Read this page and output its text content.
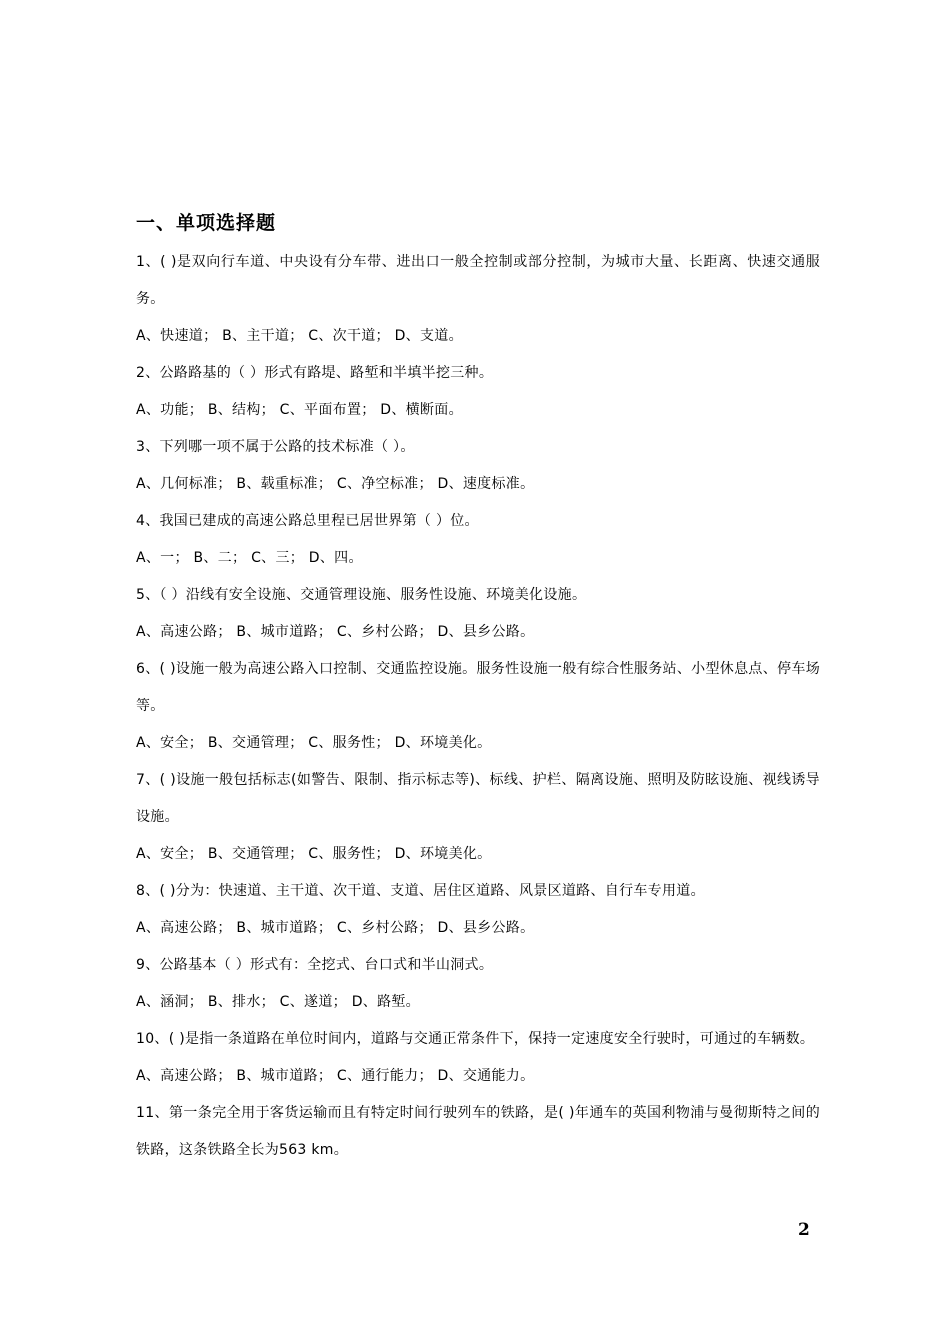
一、单项选择题
1、( )是双向行车道、中央设有分车带、进出口一般全控制或部分控制，为城市大量、长距离、快速交通服务。
A、快速道； B、主干道； C、次干道； D、支道。
2、公路路基的（ ）形式有路堤、路堑和半填半挖三种。
A、功能； B、结构； C、平面布置； D、横断面。
3、下列哪一项不属于公路的技术标准（ ）。
A、几何标准； B、载重标准； C、净空标准； D、速度标准。
4、我国已建成的高速公路总里程已居世界第（ ）位。
A、一； B、二； C、三； D、四。
5、（ ）沿线有安全设施、交通管理设施、服务性设施、环境美化设施。
A、高速公路； B、城市道路； C、乡村公路； D、县乡公路。
6、( )设施一般为高速公路入口控制、交通监控设施。服务性设施一般有综合性服务站、小型休息点、停车场等。
A、安全； B、交通管理； C、服务性； D、环境美化。
7、( )设施一般包括标志(如警告、限制、指示标志等)、标线、护栏、隔离设施、照明及防眩设施、视线诱导设施。
A、安全； B、交通管理； C、服务性； D、环境美化。
8、( )分为：快速道、主干道、次干道、支道、居住区道路、风景区道路、自行车专用道。
A、高速公路； B、城市道路； C、乡村公路； D、县乡公路。
9、公路基本（ ）形式有：全挖式、台口式和半山洞式。
A、涵洞； B、排水； C、遂道； D、路堑。
10、( )是指一条道路在单位时间内，道路与交通正常条件下，保持一定速度安全行驶时，可通过的车辆数。
A、高速公路； B、城市道路； C、通行能力； D、交通能力。
11、第一条完全用于客货运输而且有特定时间行驶列车的铁路，是( )年通车的英国利物浦与曼彻斯特之间的铁路，这条铁路全长为563 km。
2
